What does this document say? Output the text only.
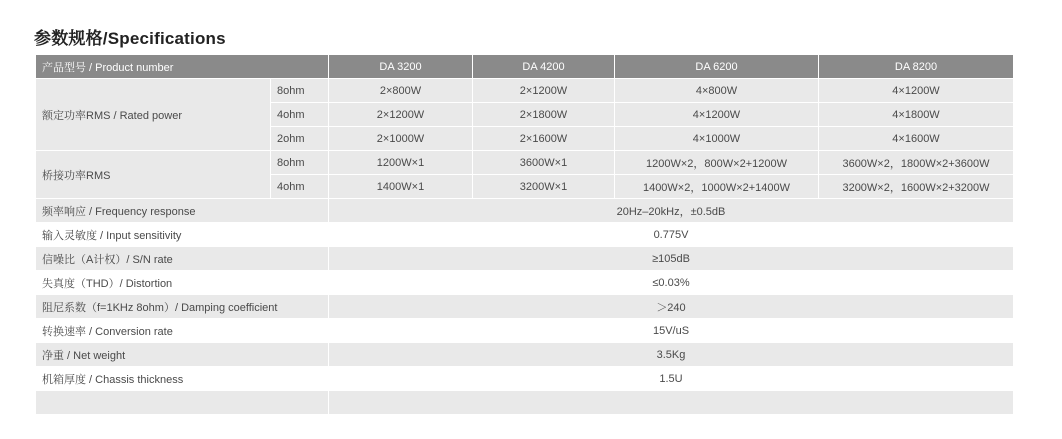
参数规格/Specifications
产品型号 / Product number		DA 3200	DA 4200	DA 6200	DA 8200
额定功率RMS / Rated power	8ohm	2×800W	2×1200W	4×800W	4×1200W
	4ohm	2×1200W	2×1800W	4×1200W	4×1800W
	2ohm	2×1000W	2×1600W	4×1000W	4×1600W
桥接功率RMS	8ohm	1200W×1	3600W×1	1200W×2，800W×2+1200W	3600W×2，1800W×2+3600W
	4ohm	1400W×1	3200W×1	1400W×2，1000W×2+1400W	3200W×2，1600W×2+3200W
频率响应 / Frequency response		20Hz–20kHz，±0.5dB			
输入灵敏度 / Input sensitivity		0.775V			
信噪比（A计权）/ S/N rate		≥105dB			
失真度（THD）/ Distortion		≤0.03%			
阻尼系数（f=1KHz 8ohm）/ Damping coefficient		＞240			
转换速率 / Conversion rate		15V/uS			
净重 / Net weight		3.5Kg			
机箱厚度 / Chassis thickness		1.5U			
